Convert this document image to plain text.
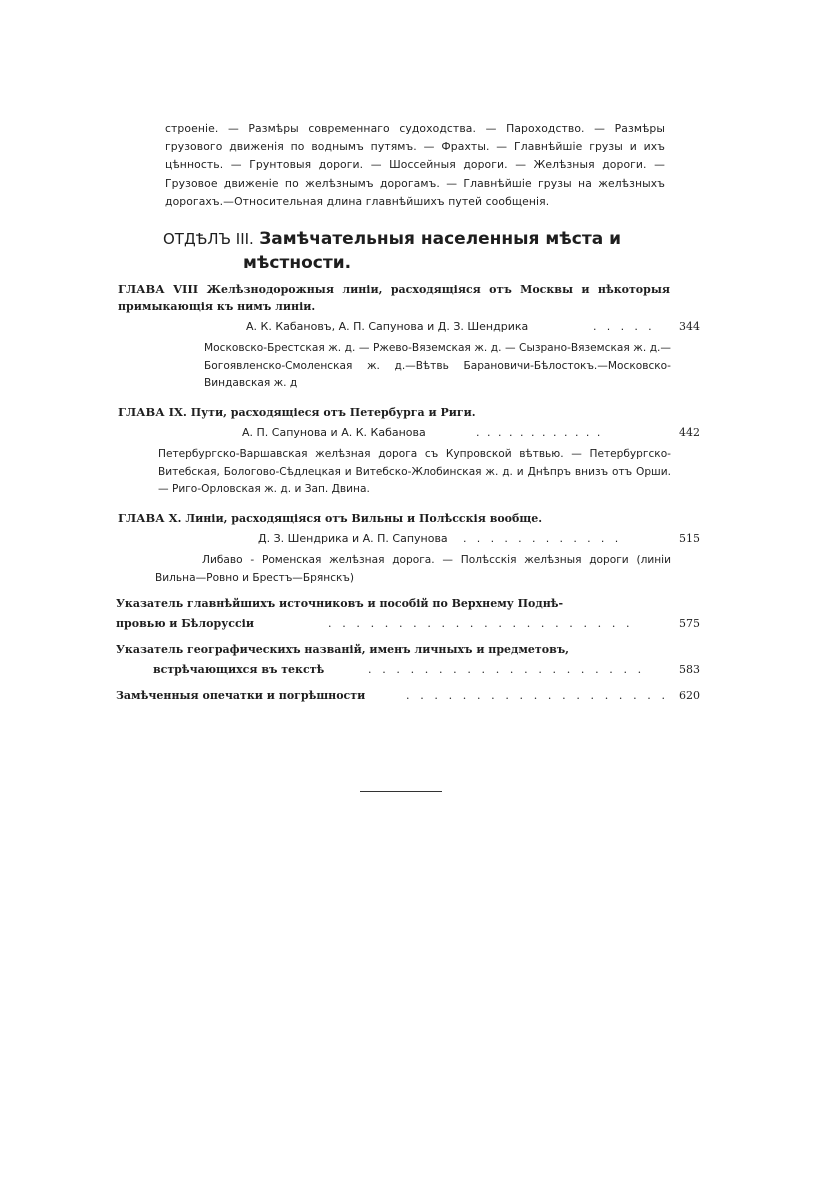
строеніе. — Размѣры современнаго судоходства. — Пароходство. — Размѣры грузового движенія по воднымъ путямъ. — Фрахты. — Главнѣйшіе грузы и ихъ цѣнность. — Грунтовыя дороги. — Шоссейныя дороги. — Желѣзныя дороги. — Грузовое движеніе по желѣзнымъ дорогамъ. — Главнѣйшіе грузы на желѣзныхъ дорогахъ.—Относительная длина главнѣйшихъ путей сообщенія.
ОТДѢЛЪ III. Замѣчательныя населенныя мѣста и
мѣстности.
ГЛАВА VIII Желѣзнодорожныя линіи, расходящіяся отъ Москвы и нѣкоторыя примыкающія къ нимъ линіи.
А. К. Кабановъ, А. П. Сапунова и Д. З. Шендрика	. . . . .	344
Московско-Брестская ж. д. — Ржево-Вяземская ж. д. — Сызрано-Вяземская ж. д.—Богоявленско-Смоленская ж. д.—Вѣтвь Барановичи-Бѣлостокъ.—Московско-Виндавская ж. д
ГЛАВА IX. Пути, расходящіеся отъ Петербурга и Риги.
А. П. Сапунова и А. К. Кабанова	. . . . . . . . . . . .	442
Петербургско-Варшавская желѣзная дорога съ Купровской вѣтвью. — Петербургско-Витебская, Бологово-Сѣдлецкая и Витебско-Жлобинская ж. д. и Днѣпръ внизъ отъ Орши. — Риго-Орловская ж. д. и Зап. Двина.
ГЛАВА X. Линіи, расходящіяся отъ Вильны и Полѣсскія вообще.
Д. З. Шендрика и А. П. Сапунова . . . . . . . . . . . .	515
Либаво - Роменская желѣзная дорога. — Полѣсскія желѣзныя дороги (линіи Вильна—Ровно и Брестъ—Брянскъ)
Указатель главнѣйшихъ источниковъ и пособій по Верхнему Поднѣ-
провью и Бѣлоруссіи	. . . . . . . . . . . . . . . . . . . . . .	575
Указатель географическихъ названій, именъ личныхъ и предметовъ,
встрѣчающихся въ текстѣ	. . . . . . . . . . . . . . . . . . . .	583
Замѣченныя опечатки и погрѣшности	. . . . . . . . . . . . . . . . . . . 620
